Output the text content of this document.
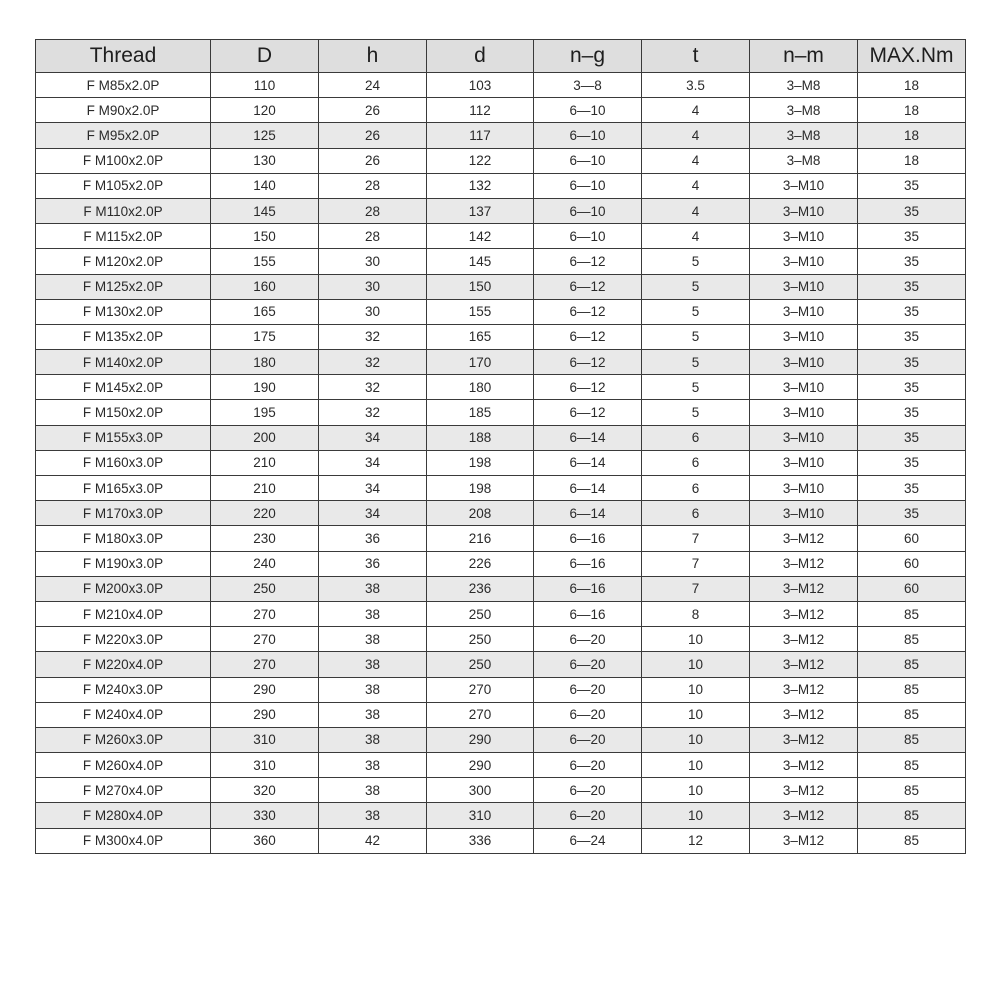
Thread	D	h	d	n–g	t	n–m	MAX.Nm
F M85x2.0P	110	24	103	3—8	3.5	3–M8	18
F M90x2.0P	120	26	112	6—10	4	3–M8	18
F M95x2.0P	125	26	117	6—10	4	3–M8	18
F M100x2.0P	130	26	122	6—10	4	3–M8	18
F M105x2.0P	140	28	132	6—10	4	3–M10	35
F M110x2.0P	145	28	137	6—10	4	3–M10	35
F M115x2.0P	150	28	142	6—10	4	3–M10	35
F M120x2.0P	155	30	145	6—12	5	3–M10	35
F M125x2.0P	160	30	150	6—12	5	3–M10	35
F M130x2.0P	165	30	155	6—12	5	3–M10	35
F M135x2.0P	175	32	165	6—12	5	3–M10	35
F M140x2.0P	180	32	170	6—12	5	3–M10	35
F M145x2.0P	190	32	180	6—12	5	3–M10	35
F M150x2.0P	195	32	185	6—12	5	3–M10	35
F M155x3.0P	200	34	188	6—14	6	3–M10	35
F M160x3.0P	210	34	198	6—14	6	3–M10	35
F M165x3.0P	210	34	198	6—14	6	3–M10	35
F M170x3.0P	220	34	208	6—14	6	3–M10	35
F M180x3.0P	230	36	216	6—16	7	3–M12	60
F M190x3.0P	240	36	226	6—16	7	3–M12	60
F M200x3.0P	250	38	236	6—16	7	3–M12	60
F M210x4.0P	270	38	250	6—16	8	3–M12	85
F M220x3.0P	270	38	250	6—20	10	3–M12	85
F M220x4.0P	270	38	250	6—20	10	3–M12	85
F M240x3.0P	290	38	270	6—20	10	3–M12	85
F M240x4.0P	290	38	270	6—20	10	3–M12	85
F M260x3.0P	310	38	290	6—20	10	3–M12	85
F M260x4.0P	310	38	290	6—20	10	3–M12	85
F M270x4.0P	320	38	300	6—20	10	3–M12	85
F M280x4.0P	330	38	310	6—20	10	3–M12	85
F M300x4.0P	360	42	336	6—24	12	3–M12	85
